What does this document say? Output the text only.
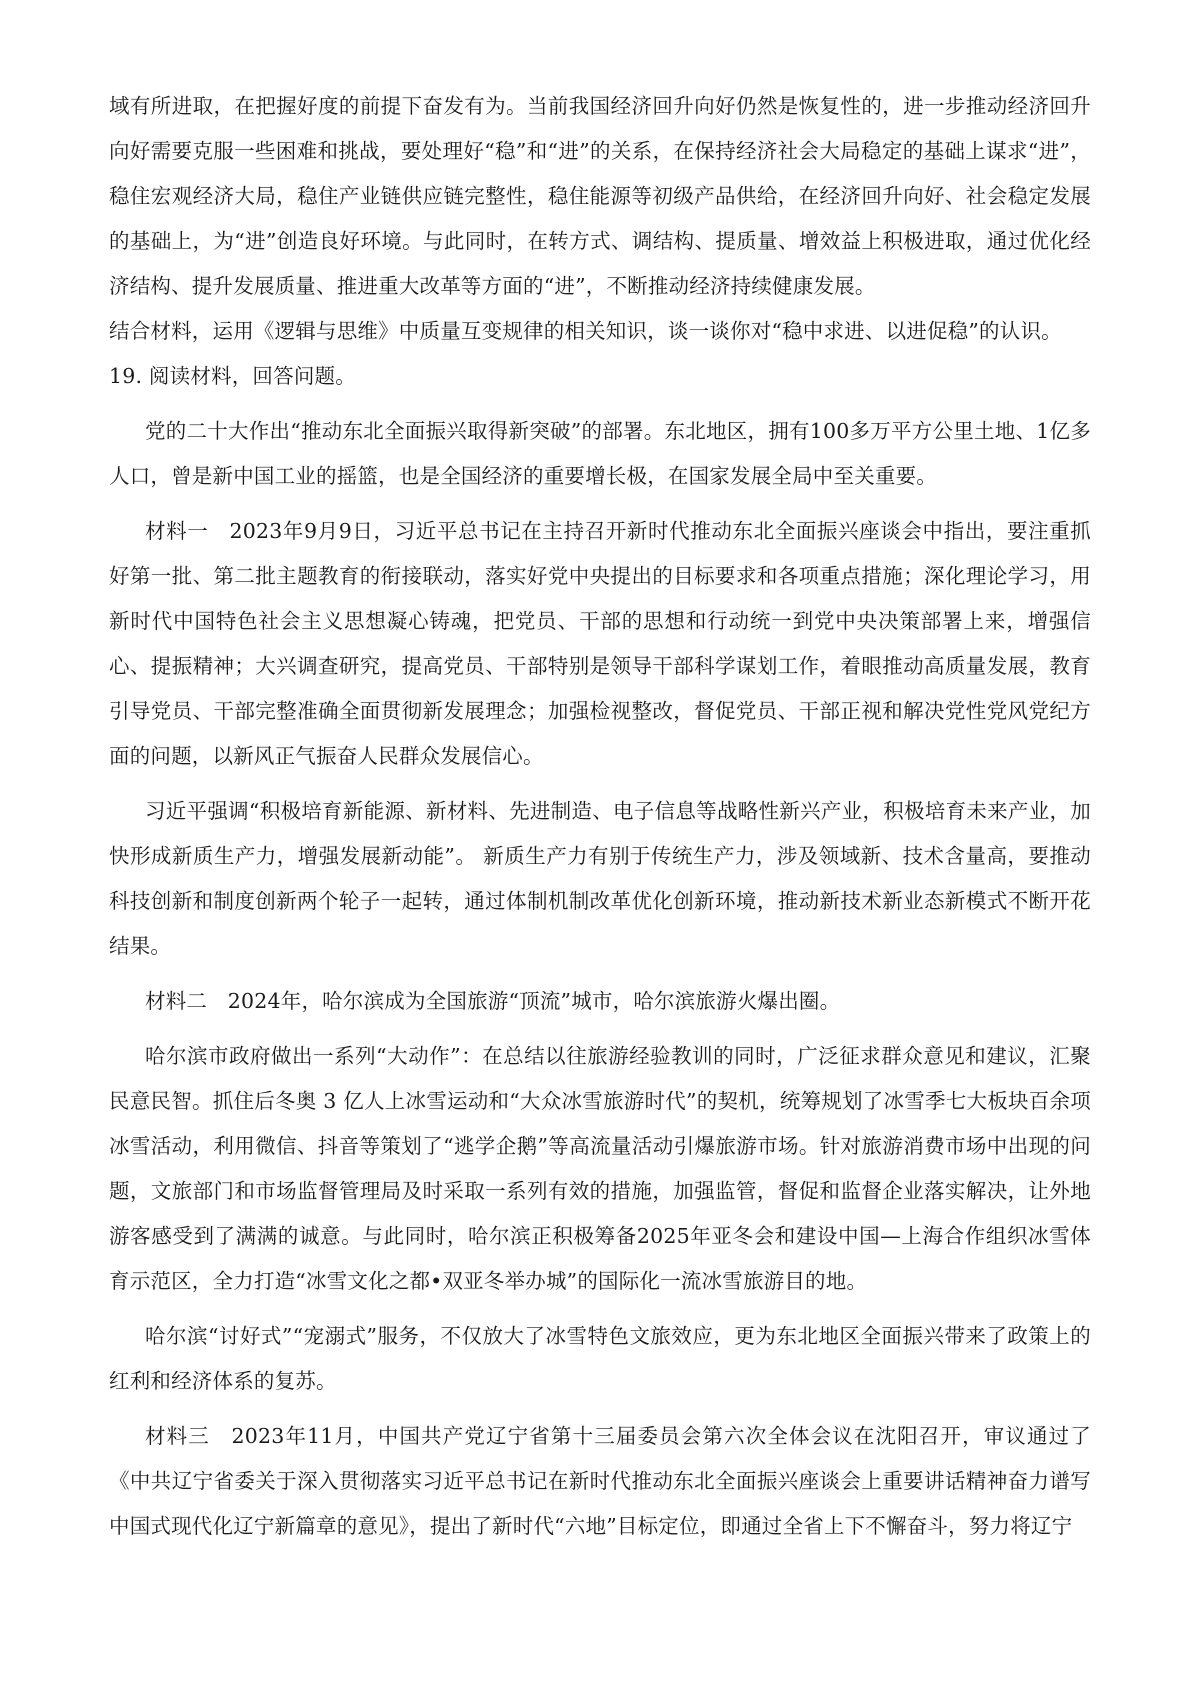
域有所进取，在把握好度的前提下奋发有为。当前我国经济回升向好仍然是恢复性的，进一步推动经济回升向好需要克服一些困难和挑战，要处理好“稳”和“进”的关系，在保持经济社会大局稳定的基础上谋求“进”，稳住宏观经济大局，稳住产业链供应链完整性，稳住能源等初级产品供给，在经济回升向好、社会稳定发展的基础上，为“进”创造良好环境。与此同时，在转方式、调结构、提质量、增效益上积极进取，通过优化经济结构、提升发展质量、推进重大改革等方面的“进”，不断推动经济持续健康发展。

结合材料，运用《逻辑与思维》中质量互变规律的相关知识，谈一谈你对“稳中求进、以进促稳”的认识。

19. 阅读材料，回答问题。

党的二十大作出“推动东北全面振兴取得新突破”的部署。东北地区，拥有100多万平方公里土地、1亿多人口，曾是新中国工业的摇篮，也是全国经济的重要增长极，在国家发展全局中至关重要。

材料一　2023年9月9日，习近平总书记在主持召开新时代推动东北全面振兴座谈会中指出，要注重抓好第一批、第二批主题教育的衔接联动，落实好党中央提出的目标要求和各项重点措施；深化理论学习，用新时代中国特色社会主义思想凝心铸魂，把党员、干部的思想和行动统一到党中央决策部署上来，增强信心、提振精神；大兴调查研究，提高党员、干部特别是领导干部科学谋划工作，着眼推动高质量发展，教育引导党员、干部完整准确全面贯彻新发展理念；加强检视整改，督促党员、干部正视和解决党性党风党纪方面的问题，以新风正气振奋人民群众发展信心。

习近平强调“积极培育新能源、新材料、先进制造、电子信息等战略性新兴产业，积极培育未来产业，加快形成新质生产力，增强发展新动能”。 新质生产力有别于传统生产力，涉及领域新、技术含量高，要推动科技创新和制度创新两个轮子一起转，通过体制机制改革优化创新环境，推动新技术新业态新模式不断开花结果。

材料二　2024年，哈尔滨成为全国旅游“顶流”城市，哈尔滨旅游火爆出圈。

哈尔滨市政府做出一系列“大动作”：在总结以往旅游经验教训的同时，广泛征求群众意见和建议，汇聚民意民智。抓住后冬奥 3 亿人上冰雪运动和“大众冰雪旅游时代”的契机，统筹规划了冰雪季七大板块百余项冰雪活动，利用微信、抖音等策划了“逃学企鹅”等高流量活动引爆旅游市场。针对旅游消费市场中出现的问题，文旅部门和市场监督管理局及时采取一系列有效的措施，加强监管，督促和监督企业落实解决，让外地游客感受到了满满的诚意。与此同时，哈尔滨正积极筹备2025年亚冬会和建设中国—上海合作组织冰雪体育示范区，全力打造“冰雪文化之都•双亚冬举办城”的国际化一流冰雪旅游目的地。

哈尔滨“讨好式”“宠溺式”服务，不仅放大了冰雪特色文旅效应，更为东北地区全面振兴带来了政策上的红利和经济体系的复苏。

材料三　2023年11月，中国共产党辽宁省第十三届委员会第六次全体会议在沈阳召开，审议通过了《中共辽宁省委关于深入贯彻落实习近平总书记在新时代推动东北全面振兴座谈会上重要讲话精神奋力谱写中国式现代化辽宁新篇章的意见》，提出了新时代“六地”目标定位，即通过全省上下不懈奋斗，努力将辽宁
